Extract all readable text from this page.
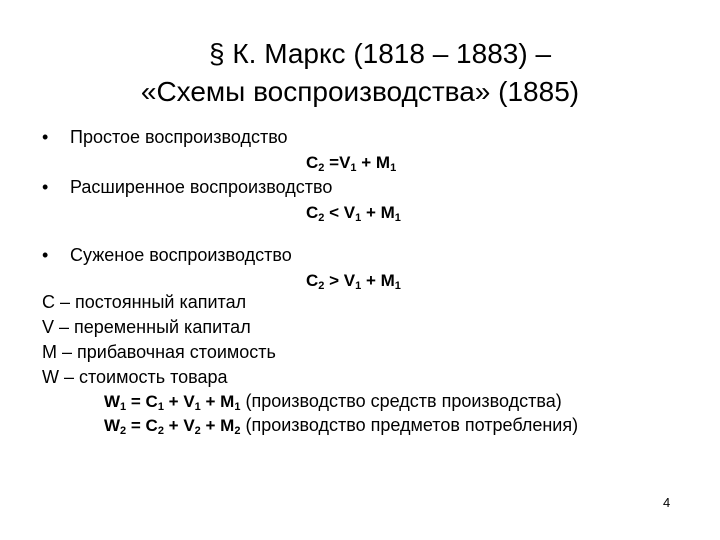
§ К. Маркс (1818 – 1883) –
«Схемы воспроизводства» (1885)
• Простое воспроизводство
$C_2 =V_1 + M_1$
• Расширенное воспроизводство
$C_2 < V_1 + M_1$
• Суженое воспроизводство
$C_2 > V_1 + M_1$
C – постоянный капитал
V – переменный капитал
M – прибавочная стоимость
W – стоимость товара
$W_1 = C_1 + V_1 + M_1$ (производство средств производства)
$W_2 = C_2 + V_2 + M_2$ (производство предметов потребления)
4
